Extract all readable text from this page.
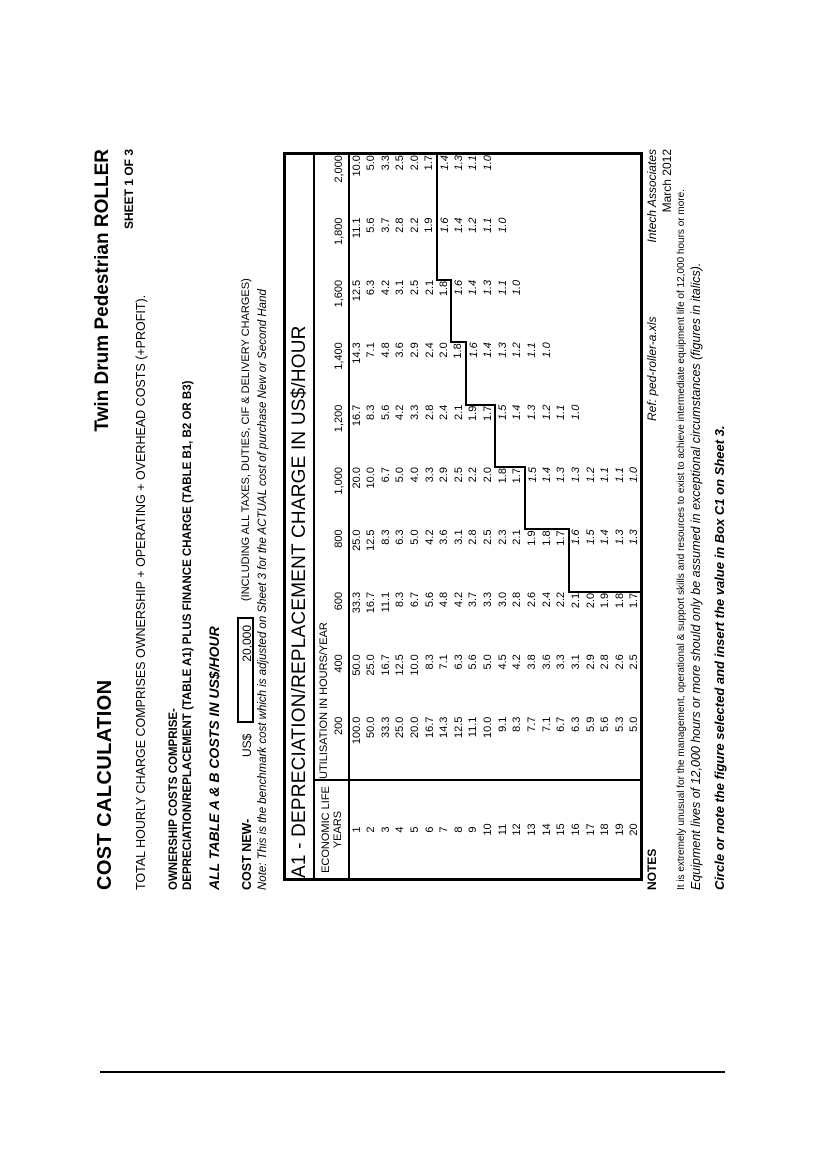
COST CALCULATION
Twin Drum Pedestrian ROLLER SHEET 1 OF 3
TOTAL HOURLY CHARGE COMPRISES OWNERSHIP + OPERATING + OVERHEAD COSTS (+PROFIT). OWNERSHIP COSTS COMPRISE- DEPRECIATION/REPLACEMENT (TABLE A1) PLUS FINANCE CHARGE (TABLE B1, B2 OR B3) ALL TABLE A & B COSTS IN US$/HOUR COST NEW-
US$
20,000
(INCLUDING ALL TAXES, DUTIES, CIF & DELIVERY CHARGES) Note: This is the benchmark cost which is adjusted on Sheet 3 for the ACTUAL cost of purchase New or Second Hand A1 - DEPRECIATION/REPLACEMENT CHARGE IN US$/HOUR										

ECONOMIC LIFE YEARS	UTILISATION IN HOURS/YEAR									
	200	400	600	800	1,000	1,200	1,400	1,600	1,800	2,000
1	100.0	50.0	33.3	25.0	20.0	16.7	14.3	12.5	11.1	10.0
2	50.0	25.0	16.7	12.5	10.0	8.3	7.1	6.3	5.6	5.0
3	33.3	16.7	11.1	8.3	6.7	5.6	4.8	4.2	3.7	3.3
4	25.0	12.5	8.3	6.3	5.0	4.2	3.6	3.1	2.8	2.5
5	20.0	10.0	6.7	5.0	4.0	3.3	2.9	2.5	2.2	2.0
6	16.7	8.3	5.6	4.2	3.3	2.8	2.4	2.1	1.9	1.7
7	14.3	7.1	4.8	3.6	2.9	2.4	2.0	1.8	1.6	1.4
8	12.5	6.3	4.2	3.1	2.5	2.1	1.8	1.6	1.4	1.3
9	11.1	5.6	3.7	2.8	2.2	1.9	1.6	1.4	1.2	1.1
10	10.0	5.0	3.3	2.5	2.0	1.7	1.4	1.3	1.1	1.0
11	9.1	4.5	3.0	2.3	1.8	1.5	1.3	1.1	1.0	
12	8.3	4.2	2.8	2.1	1.7	1.4	1.2	1.0		
13	7.7	3.8	2.6	1.9	1.5	1.3	1.1			
14	7.1	3.6	2.4	1.8	1.4	1.2	1.0			
15	6.7	3.3	2.2	1.7	1.3	1.1				
16	6.3	3.1	2.1	1.6	1.3	1.0				
17	5.9	2.9	2.0	1.5	1.2					
18	5.6	2.8	1.9	1.4	1.1					
19	5.3	2.6	1.8	1.3	1.1					
20	5.0	2.5	1.7	1.3	1.0					
NOTES
Ref: ped-roller-a.xls
Intech Associates March 2012
It is extremely unusual for the management, operational & support skills and resources to exist to achieve intermediate equipment life of 12,000 hours or more. Equipment lives of 12,000 hours or more should only be assumed in exceptional circumstances (figures in italics). Circle or note the figure selected and insert the value in Box C1 on Sheet 3.
